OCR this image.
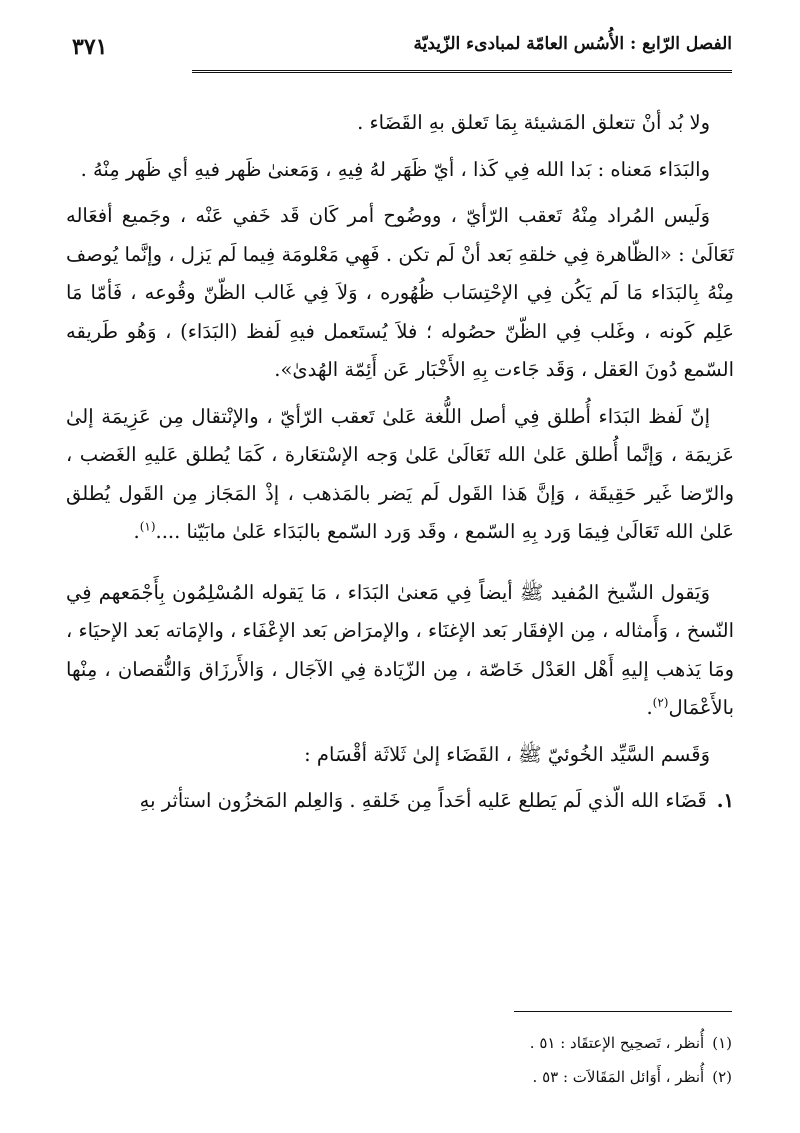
الفصل الرّابع : الأُسُس العامّة لمبادىء الزّيديّة
٣٧١

ولا بُد أنْ تتعلق المَشيئة بِمَا تَعلق بهِ القَضَاء .

والبَدَاء مَعناه : بَدا الله فِي كَذا ، أيّ ظَهَر لهُ فِيهِ ، وَمَعنىٰ ظَهر فيهِ أي ظَهر مِنْهُ .

وَلَيس المُراد مِنْهُ تَعقب الرّأيّ ، ووضُوح أمر كَان قَد خَفي عَنْه ، وجَميع أفعَاله تَعَالَىٰ : «الظّاهرة فِي خلقهِ بَعد أنْ لَم تكن . فَهِي مَعْلومَة فِيما لَم يَزل ، وإنَّما يُوصف مِنْهُ بِالبَدَاء مَا لَم يَكُن فِي الإحْتِسَاب ظُهُوره ، وَلاَ فِي غَالب الظّنّ وقُوعه ، فَأمّا مَا عَلِم كَونه ، وغَلب فِي الظّنّ حصُوله ؛ فلاَ يُستَعمل فيهِ لَفظ (البَدَاء) ، وَهُو طَريقه السّمع دُونَ العَقل ، وَقَد جَاءت بِهِ الأَخْبَار عَن أَئِمّة الهُدىٰ».

إنّ لَفظ البَدَاء أُطلق فِي أصل اللُّغة عَلىٰ تَعقب الرّأيّ ، والإنْتقال مِن عَزِيمَة إلىٰ عَزيمَة ، وَإنَّما أُطلق عَلىٰ الله تَعَالَىٰ عَلىٰ وَجه الإسْتعَارة ، كَمَا يُطلق عَليهِ الغَضب ، والرّضا غَير حَقِيقَة ، وَإنَّ هَذا القَول لَم يَضر بالمَذهب ، إذْ المَجَاز مِن القَول يُطلق عَلىٰ الله تَعَالَىٰ فِيمَا وَرد بِهِ السّمع ، وقَد وَرد السّمع بالبَدَاء عَلىٰ مابَيّنا ....$^{(١)}$.

وَيَقول الشّيخ المُفيد ﷺ أيضاً فِي مَعنىٰ البَدَاء ، مَا يَقوله المُسْلِمُون بِأَجْمَعهم فِي النّسخ ، وَأَمثاله ، مِن الإفقَار بَعد الإغنَاء ، والإمرَاض بَعد الإعْفَاء ، والإمَاته بَعد الإحيَاء ، ومَا يَذهب إليهِ أَهْل العَدْل خَاصّة ، مِن الزّيَادة فِي الآجَال ، وَالأَرزَاق وَالنُّقصان ، مِنْها بالأَعْمَال$^{(٢)}$.

وَقَسم السَّيِّد الخُوئيّ ﷺ ، القَضَاء إلىٰ ثَلاثَة أقْسَام :

١.قَضَاء الله الّذي لَم يَطلع عَليه أحَداً مِن خَلقهِ . وَالعِلم المَخزُون استأثر بهِ

(١)أُنظر ، تَصحِيح الإعتقَاد : ٥١ .
(٢)أُنظر ، أَوَائل المَقَالاَت : ٥٣ .
